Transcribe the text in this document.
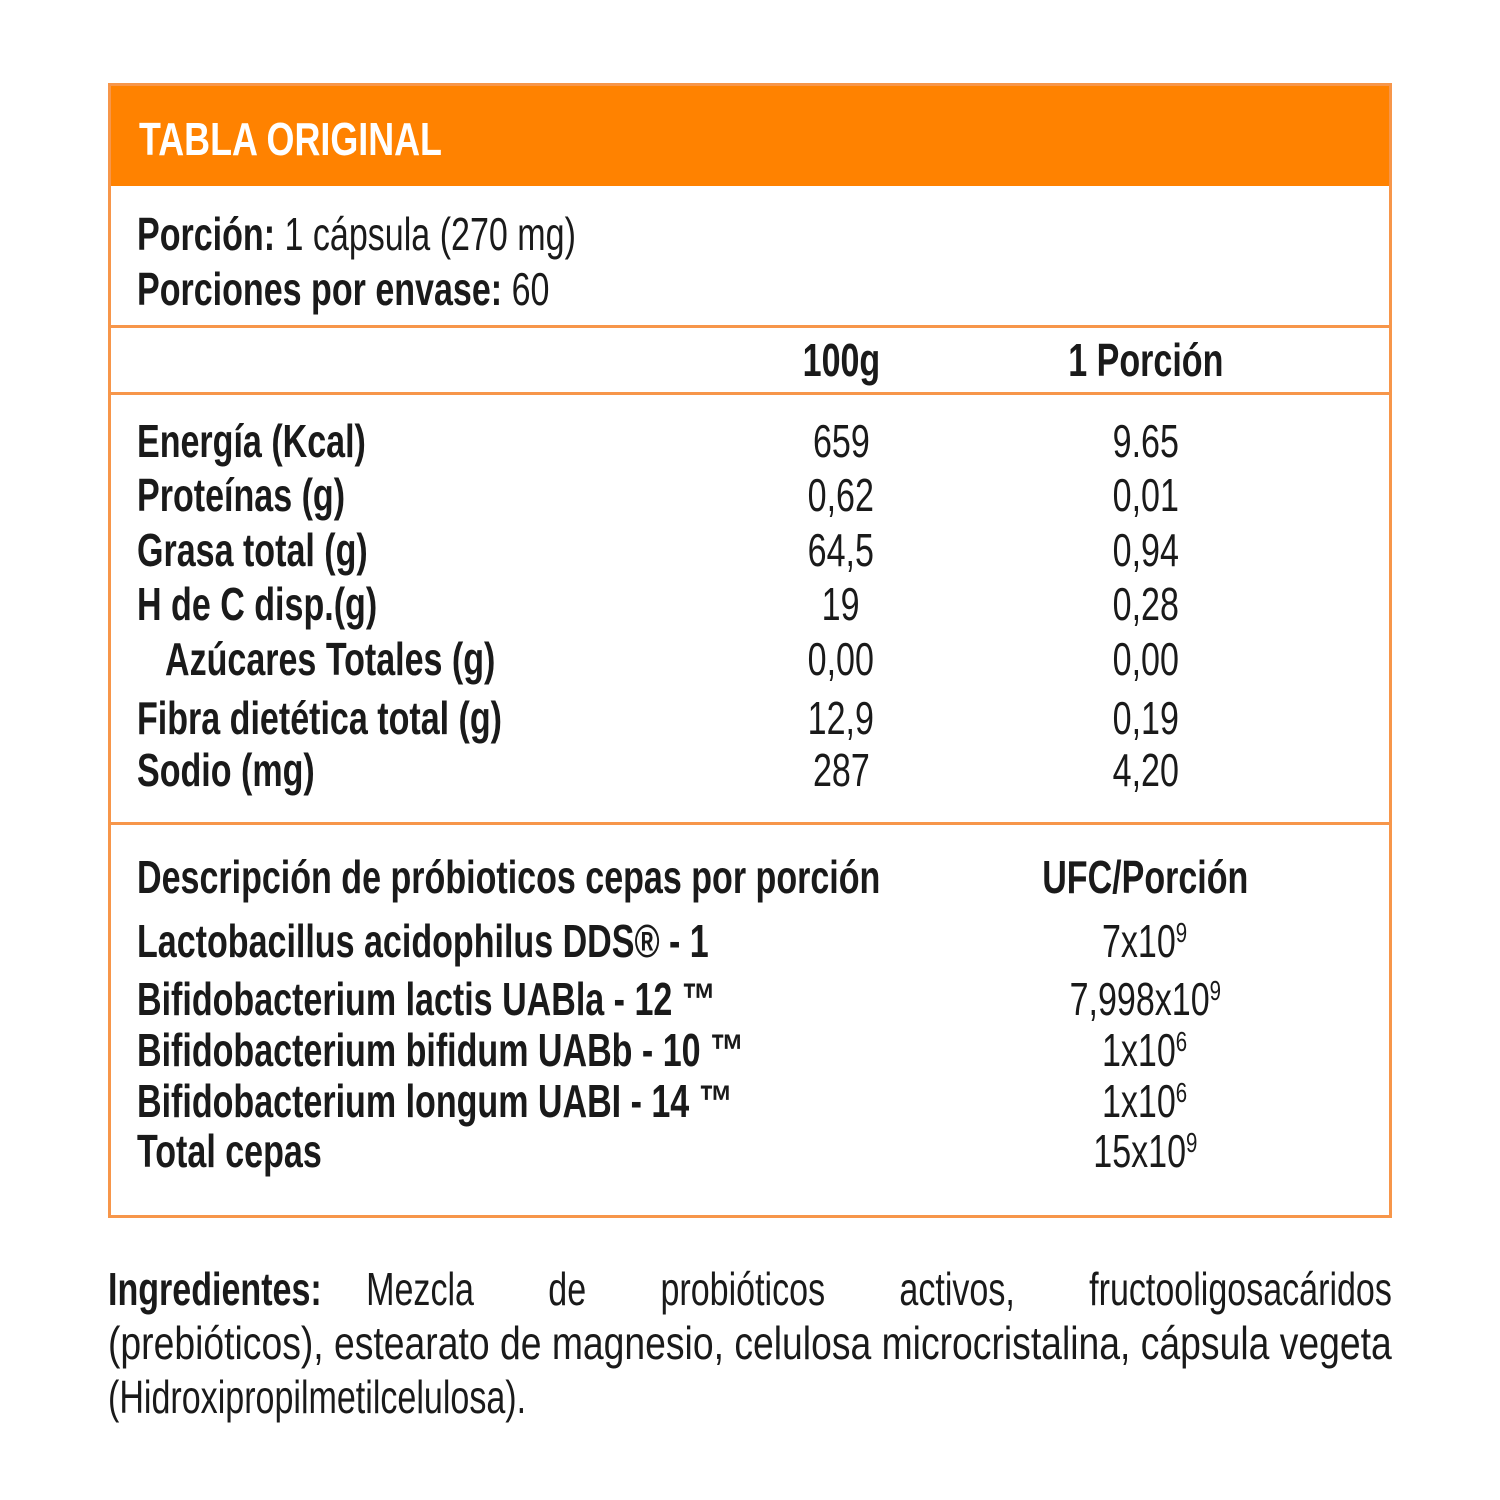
TABLA ORIGINAL
Porción: 1 cápsula (270 mg)
Porciones por envase: 60
100g	1 Porción
Energía (Kcal)	659	9.65
Proteínas (g)	0,62	0,01
Grasa total (g)	64,5	0,94
H de C disp.(g)	19	0,28
Azúcares Totales (g)	0,00	0,00
Fibra dietética total (g)	12,9	0,19
Sodio (mg)	287	4,20
Descripción de próbioticos cepas por porción	UFC/Porción
Lactobacillus acidophilus DDS® - 1	$7x10^9$
Bifidobacterium lactis UABla - 12 ™	$7,998x10^9$
Bifidobacterium bifidum UABb - 10 ™	$1x10^6$
Bifidobacterium longum UABI - 14 ™	$1x10^6$
Total cepas	$15x10^9$
Ingredientes: Mezcla de probióticos activos, fructooligosacáridos
(prebióticos), estearato de magnesio, celulosa microcristalina, cápsula vegeta
(Hidroxipropilmetilcelulosa).
